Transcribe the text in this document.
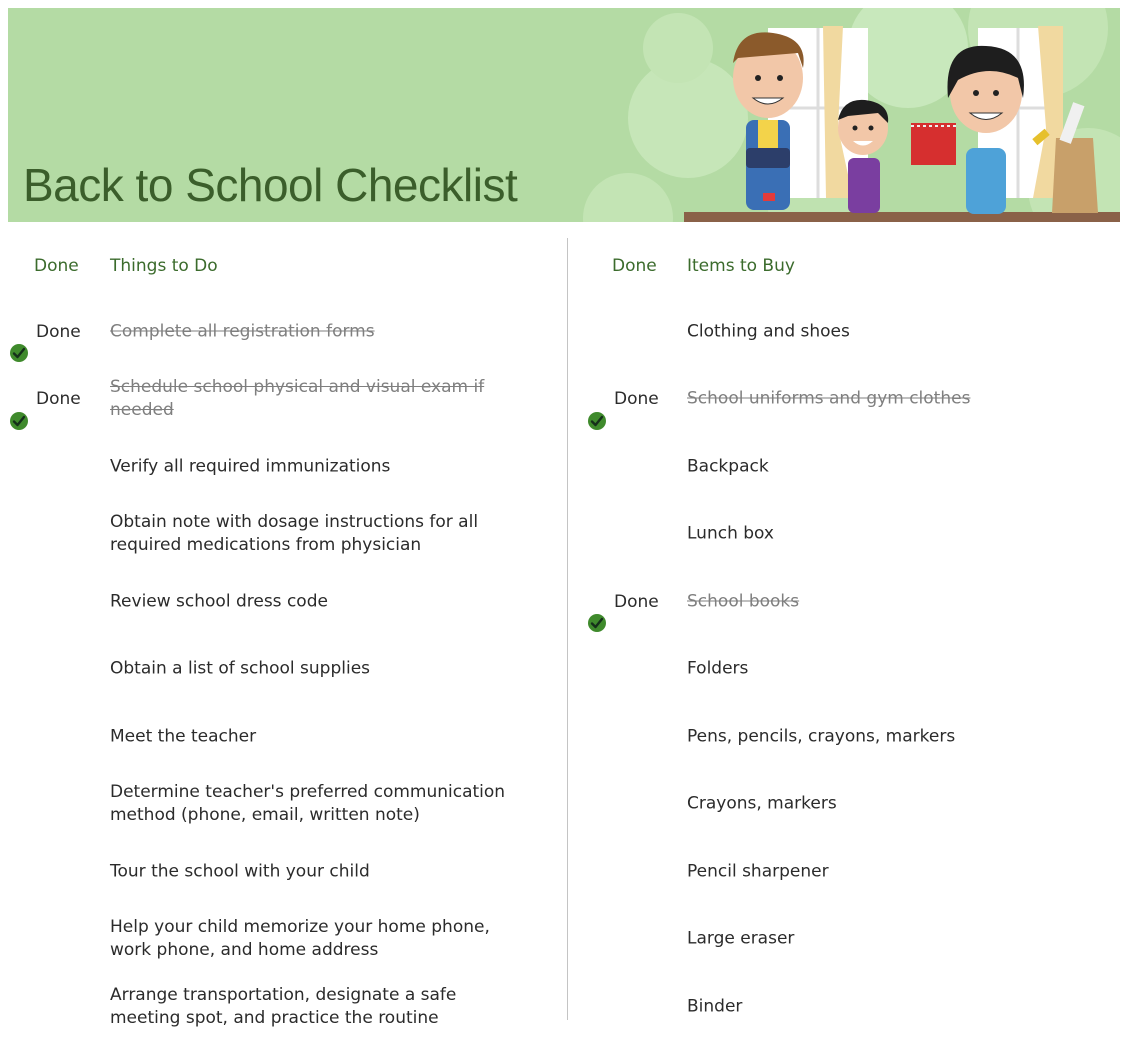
Back to School Checklist
Done Things to Do
Done Complete all registration forms
Done
Schedule school physical and visual exam if needed
Verify all required immunizations
Obtain note with dosage instructions for all required medications from physician
Review school dress code
Obtain a list of school supplies
Meet the teacher
Determine teacher's preferred communication method (phone, email, written note)
Tour the school with your child
Help your child memorize your home phone, work phone, and home address
Arrange transportation, designate a safe meeting spot, and practice the routine
Done Items to Buy
Clothing and shoes
Done School uniforms and gym clothes
Backpack
Lunch box
Done School books
Folders
Pens, pencils, crayons, markers
Crayons, markers
Pencil sharpener
Large eraser
Binder
